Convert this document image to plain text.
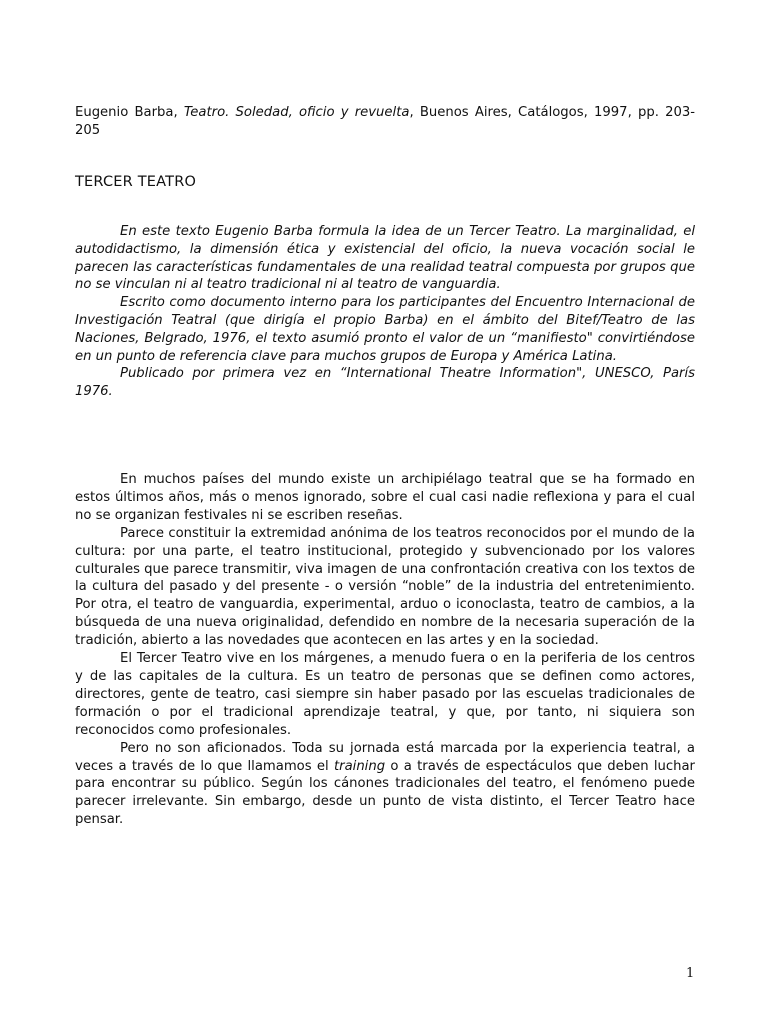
Eugenio Barba, Teatro. Soledad, oficio y revuelta, Buenos Aires, Catálogos, 1997, pp. 203-205
TERCER TEATRO

En este texto Eugenio Barba formula la idea de un Tercer Teatro. La marginalidad, el autodidactismo, la dimensión ética y existencial del oficio, la nueva vocación social le parecen las características fundamentales de una realidad teatral compuesta por grupos que no se vinculan ni al teatro tradicional ni al teatro de vanguardia.

Escrito como documento interno para los participantes del Encuentro Internacional de Investigación Teatral (que dirigía el propio Barba) en el ámbito del Bitef/Teatro de las Naciones, Belgrado, 1976, el texto asumió pronto el valor de un “manifiesto" convirtiéndose en un punto de referencia clave para muchos grupos de Europa y América Latina.

Publicado por primera vez en “International Theatre Information", UNESCO, París 1976.

En muchos países del mundo existe un archipiélago teatral que se ha formado en estos últimos años, más o menos ignorado, sobre el cual casi nadie reflexiona y para el cual no se organizan festivales ni se escriben reseñas.

Parece constituir la extremidad anónima de los teatros reconocidos por el mundo de la cultura: por una parte, el teatro institucional, protegido y subvencionado por los valores culturales que parece transmitir, viva imagen de una confrontación creativa con los textos de la cultura del pasado y del presente - o versión “noble” de la industria del entretenimiento. Por otra, el teatro de vanguardia, experimental, arduo o iconoclasta, teatro de cambios, a la búsqueda de una nueva originalidad, defendido en nombre de la necesaria superación de la tradición, abierto a las novedades que acontecen en las artes y en la sociedad.

El Tercer Teatro vive en los márgenes, a menudo fuera o en la periferia de los centros y de las capitales de la cultura. Es un teatro de personas que se definen como actores, directores, gente de teatro, casi siempre sin haber pasado por las escuelas tradicionales de formación o por el tradicional aprendizaje teatral, y que, por tanto, ni siquiera son reconocidos como profesionales.

Pero no son aficionados. Toda su jornada está marcada por la experiencia teatral, a veces a través de lo que llamamos el training o a través de espectáculos que deben luchar para encontrar su público. Según los cánones tradicionales del teatro, el fenómeno puede parecer irrelevante. Sin embargo, desde un punto de vista distinto, el Tercer Teatro hace pensar.

1
